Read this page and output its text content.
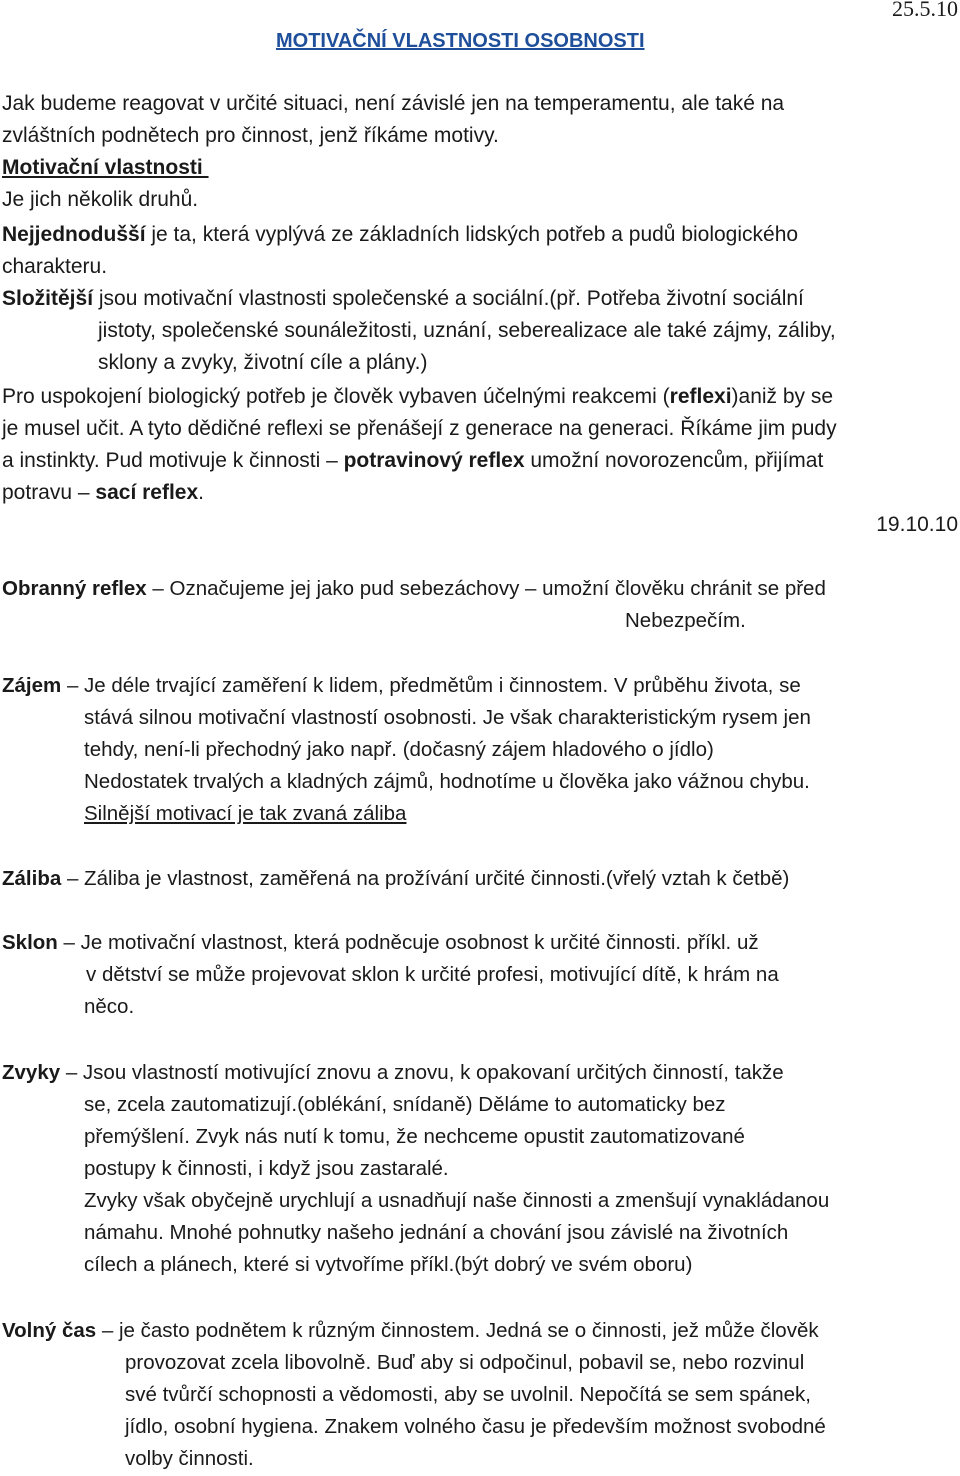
MOTIVAČNÍ VLASTNOSTI OSOBNOSTI
25.5.10
Jak budeme reagovat v určité situaci, není závislé jen na temperamentu, ale také na
zvláštních podnětech pro činnost, jenž říkáme motivy.
Motivační vlastnosti
Je jich několik druhů.
Nejjednodušší je ta, která vyplývá ze základních lidských potřeb a pudů biologického
charakteru.
Složitější jsou motivační vlastnosti společenské a sociální.(př. Potřeba životní sociální
jistoty, společenské sounáležitosti, uznání, seberealizace ale také zájmy, záliby,
sklony a zvyky, životní cíle a plány.)
Pro uspokojení biologický potřeb je člověk vybaven účelnými reakcemi (reflexi)aniž by se
je musel učit. A tyto dědičné reflexi se přenášejí z generace na generaci. Říkáme jim pudy
a instinkty. Pud motivuje k činnosti – potravinový reflex umožní novorozencům, přijímat
potravu – sací reflex.
19.10.10
Obranný reflex – Označujeme jej jako pud sebezáchovy – umožní člověku chránit se před
Nebezpečím.
Zájem – Je déle trvající zaměření k lidem, předmětům i činnostem. V průběhu života, se
stává silnou motivační vlastností osobnosti. Je však charakteristickým rysem jen
tehdy, není-li přechodný jako např. (dočasný zájem hladového o jídlo)
Nedostatek trvalých a kladných zájmů, hodnotíme u člověka jako vážnou chybu.
Silnější motivací je tak zvaná záliba
Záliba – Záliba je vlastnost, zaměřená na prožívání určité činnosti.(vřelý vztah k četbě)
Sklon – Je motivační vlastnost, která podněcuje osobnost k určité činnosti. příkl. už
v dětství se může projevovat sklon k určité profesi, motivující dítě, k hrám na
něco.
Zvyky – Jsou vlastností motivující znovu a znovu, k opakovaní určitých činností, takže
se, zcela zautomatizují.(oblékání, snídaně) Děláme to automaticky bez
přemýšlení. Zvyk nás nutí k tomu, že nechceme opustit zautomatizované
postupy k činnosti, i když jsou zastaralé.
Zvyky však obyčejně urychlují a usnadňují naše činnosti a zmenšují vynakládanou
námahu. Mnohé pohnutky našeho jednání a chování jsou závislé na životních
cílech a plánech, které si vytvoříme příkl.(být dobrý ve svém oboru)
Volný čas – je často podnětem k různým činnostem. Jedná se o činnosti, jež může člověk
provozovat zcela libovolně. Buď aby si odpočinul, pobavil se, nebo rozvinul
své tvůrčí schopnosti a vědomosti, aby se uvolnil. Nepočítá se sem spánek,
jídlo, osobní hygiena. Znakem volného času je především možnost svobodné
volby činnosti.
